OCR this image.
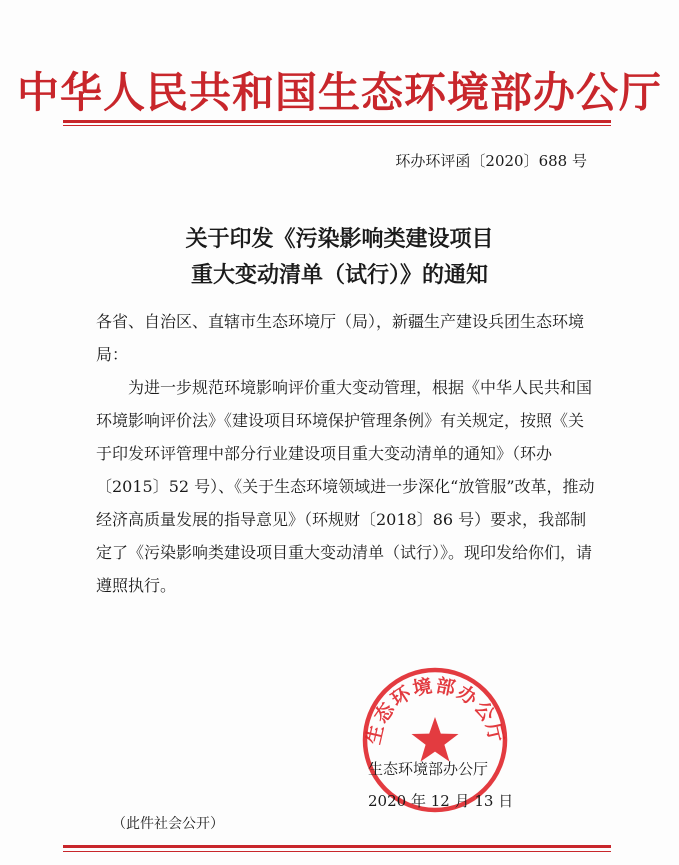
中华人民共和国生态环境部办公厅
环办环评函〔2020〕688 号
关于印发《污染影响类建设项目
重大变动清单（试行）》的通知
各省、自治区、直辖市生态环境厅（局），新疆生产建设兵团生态环境局：
为进一步规范环境影响评价重大变动管理，根据《中华人民共和国环境影响评价法》《建设项目环境保护管理条例》有关规定，按照《关于印发环评管理中部分行业建设项目重大变动清单的通知》（环办〔2015〕52 号）、《关于生态环境领域进一步深化“放管服”改革，推动经济高质量发展的指导意见》（环规财〔2018〕86 号）要求，我部制定了《污染影响类建设项目重大变动清单（试行）》。现印发给你们，请遵照执行。
生态环境部办公厅
生态环境部办公厅
2020 年 12 月 13 日
（此件社会公开）
